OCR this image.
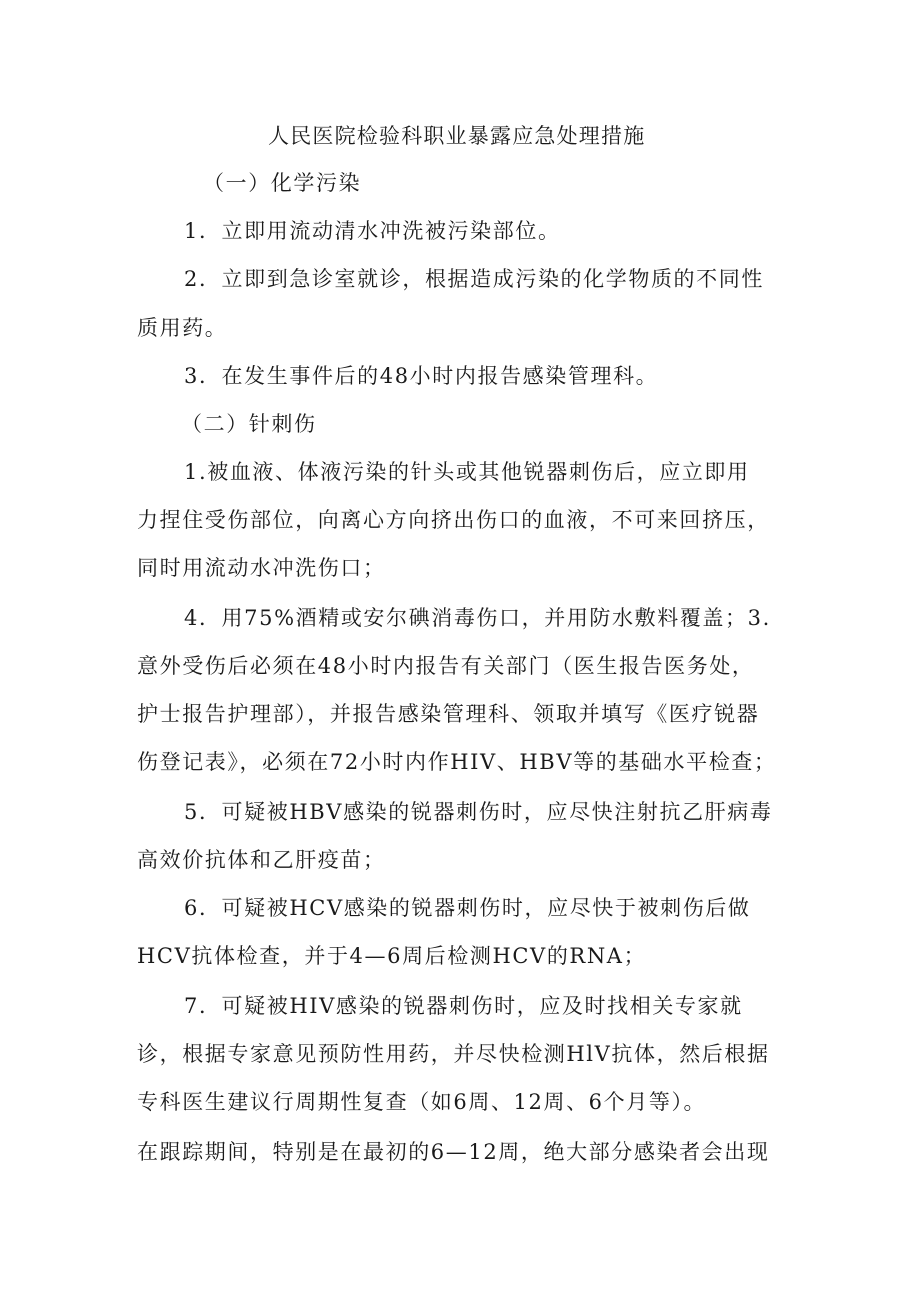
人民医院检验科职业暴露应急处理措施
（一）化学污染
1．立即用流动清水冲洗被污染部位。
2．立即到急诊室就诊，根据造成污染的化学物质的不同性
质用药。
3．在发生事件后的48小时内报告感染管理科。
（二）针刺伤
1.被血液、体液污染的针头或其他锐器刺伤后，应立即用
力捏住受伤部位，向离心方向挤出伤口的血液，不可来回挤压，
同时用流动水冲洗伤口；
4．用75%酒精或安尔碘消毒伤口，并用防水敷料覆盖；3.
意外受伤后必须在48小时内报告有关部门（医生报告医务处，
护士报告护理部），并报告感染管理科、领取并填写《医疗锐器
伤登记表》，必须在72小时内作HIV、HBV等的基础水平检查；
5．可疑被HBV感染的锐器刺伤时，应尽快注射抗乙肝病毒
高效价抗体和乙肝疫苗；
6．可疑被HCV感染的锐器刺伤时，应尽快于被刺伤后做
HCV抗体检查，并于4—6周后检测HCV的RNA；
7．可疑被HIV感染的锐器刺伤时，应及时找相关专家就
诊，根据专家意见预防性用药，并尽快检测HlV抗体，然后根据
专科医生建议行周期性复查（如6周、12周、6个月等）。
在跟踪期间，特别是在最初的6—12周，绝大部分感染者会出现
